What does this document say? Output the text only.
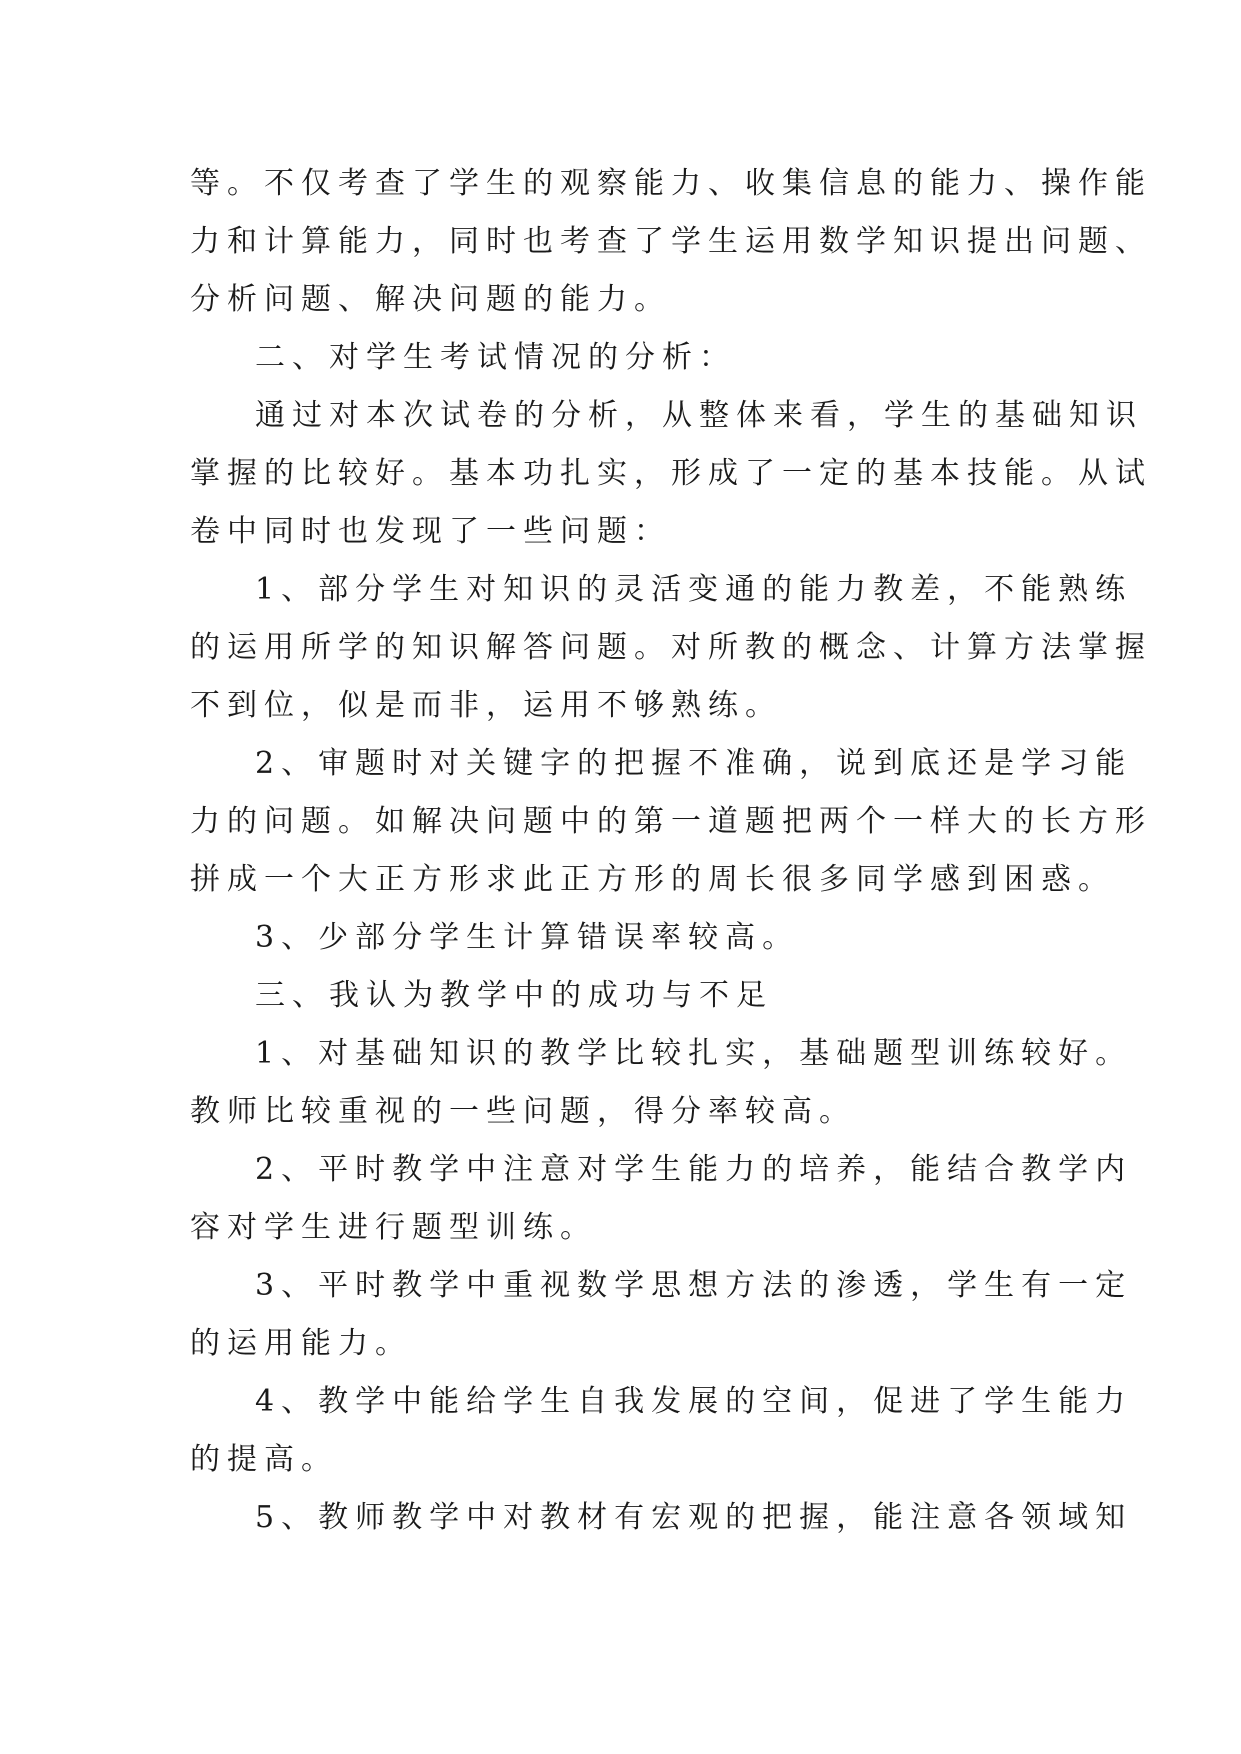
等。不仅考查了学生的观察能力、收集信息的能力、操作能
力和计算能力，同时也考查了学生运用数学知识提出问题、
分析问题、解决问题的能力。
二、对学生考试情况的分析：
通过对本次试卷的分析，从整体来看，学生的基础知识
掌握的比较好。基本功扎实，形成了一定的基本技能。从试
卷中同时也发现了一些问题：
1、部分学生对知识的灵活变通的能力教差，不能熟练
的运用所学的知识解答问题。对所教的概念、计算方法掌握
不到位，似是而非，运用不够熟练。
2、审题时对关键字的把握不准确，说到底还是学习能
力的问题。如解决问题中的第一道题把两个一样大的长方形
拼成一个大正方形求此正方形的周长很多同学感到困惑。
3、少部分学生计算错误率较高。
三、我认为教学中的成功与不足
1、对基础知识的教学比较扎实，基础题型训练较好。
教师比较重视的一些问题，得分率较高。
2、平时教学中注意对学生能力的培养，能结合教学内
容对学生进行题型训练。
3、平时教学中重视数学思想方法的渗透，学生有一定
的运用能力。
4、教学中能给学生自我发展的空间，促进了学生能力
的提高。
5、教师教学中对教材有宏观的把握，能注意各领域知
